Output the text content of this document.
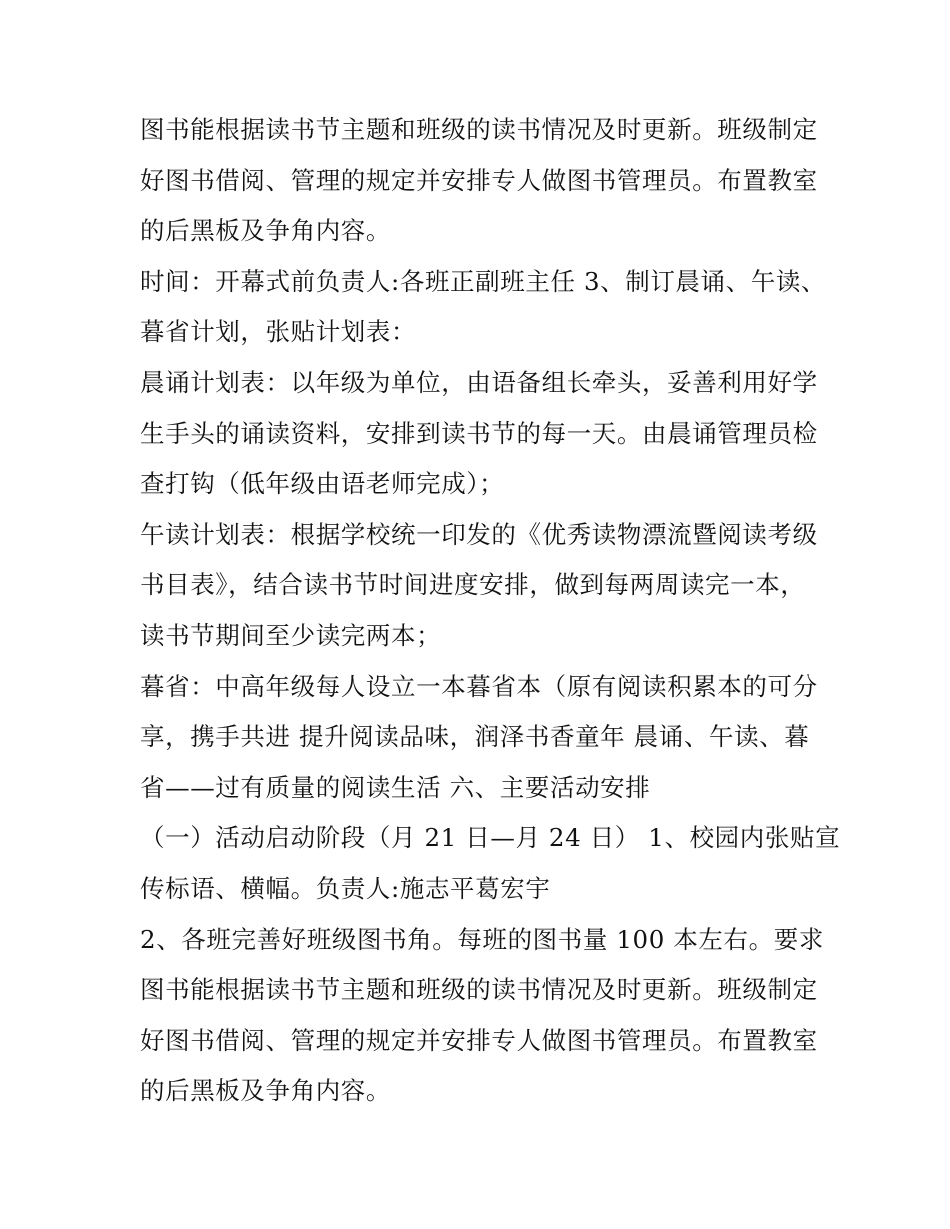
图书能根据读书节主题和班级的读书情况及时更新。班级制定
好图书借阅、管理的规定并安排专人做图书管理员。布置教室
的后黑板及争角内容。
时间：开幕式前负责人:各班正副班主任 3、制订晨诵、午读、
暮省计划，张贴计划表：
晨诵计划表：以年级为单位，由语备组长牵头，妥善利用好学
生手头的诵读资料，安排到读书节的每一天。由晨诵管理员检
查打钩（低年级由语老师完成）；
午读计划表：根据学校统一印发的《优秀读物漂流暨阅读考级
书目表》，结合读书节时间进度安排，做到每两周读完一本，
读书节期间至少读完两本；
暮省：中高年级每人设立一本暮省本（原有阅读积累本的可分
享，携手共进 提升阅读品味，润泽书香童年 晨诵、午读、暮
省——过有质量的阅读生活 六、主要活动安排
（一）活动启动阶段（月 21 日—月 24 日） 1、校园内张贴宣
传标语、横幅。负责人:施志平葛宏宇
2、各班完善好班级图书角。每班的图书量 100 本左右。要求
图书能根据读书节主题和班级的读书情况及时更新。班级制定
好图书借阅、管理的规定并安排专人做图书管理员。布置教室
的后黑板及争角内容。
